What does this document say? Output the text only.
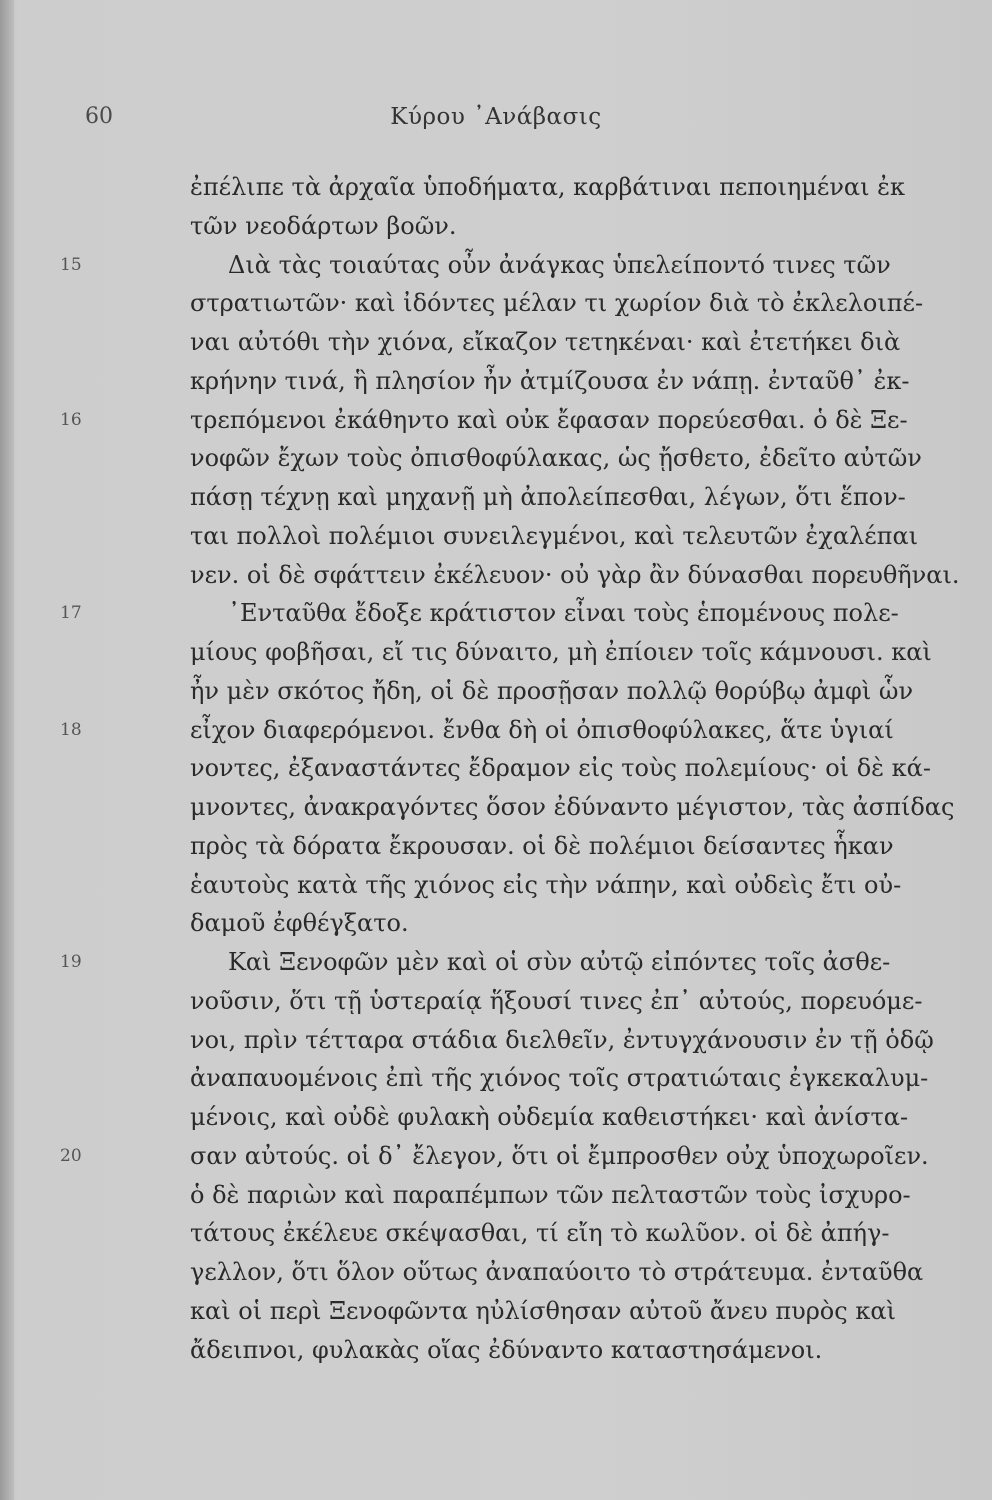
60	Κύρου ᾿Ανάβασις
ἐπέλιπε τὰ ἀρχαῖα ὑποδήματα, καρβάτιναι πεποιημέναι ἐκ
τῶν νεοδάρτων βοῶν.
15	Διὰ τὰς τοιαύτας οὖν ἀνάγκας ὑπελείποντό τινες τῶν
στρατιωτῶν· καὶ ἰδόντες μέλαν τι χωρίον διὰ τὸ ἐκλελοιπέ-
ναι αὐτόθι τὴν χιόνα, εἴκαζον τετηκέναι· καὶ ἐτετήκει διὰ
κρήνην τινά, ἣ πλησίον ἦν ἀτμίζουσα ἐν νάπῃ. ἐνταῦθ᾿ ἐκ-
16	τρεπόμενοι ἐκάθηντο καὶ οὐκ ἔφασαν πορεύεσθαι. ὁ δὲ Ξε-
νοφῶν ἔχων τοὺς ὀπισθοφύλακας, ὡς ᾔσθετο, ἐδεῖτο αὐτῶν
πάσῃ τέχνῃ καὶ μηχανῇ μὴ ἀπολείπεσθαι, λέγων, ὅτι ἕπον-
ται πολλοὶ πολέμιοι συνειλεγμένοι, καὶ τελευτῶν ἐχαλέπαι
νεν. οἱ δὲ σφάττειν ἐκέλευον· οὐ γὰρ ἂν δύνασθαι πορευθῆναι.
17	᾿Ενταῦθα ἔδοξε κράτιστον εἶναι τοὺς ἑπομένους πολε-
μίους φοβῆσαι, εἴ τις δύναιτο, μὴ ἐπίοιεν τοῖς κάμνουσι. καὶ
ἦν μὲν σκότος ἤδη, οἱ δὲ προσῇσαν πολλῷ θορύβῳ ἀμφὶ ὧν
18	εἶχον διαφερόμενοι. ἔνθα δὴ οἱ ὀπισθοφύλακες, ἅτε ὑγιαί
νοντες, ἐξαναστάντες ἔδραμον εἰς τοὺς πολεμίους· οἱ δὲ κά-
μνοντες, ἀνακραγόντες ὅσον ἐδύναντο μέγιστον, τὰς ἀσπίδας
πρὸς τὰ δόρατα ἔκρουσαν. οἱ δὲ πολέμιοι δείσαντες ἧκαν
ἑαυτοὺς κατὰ τῆς χιόνος εἰς τὴν νάπην, καὶ οὐδεὶς ἔτι οὐ-
δαμοῦ ἐφθέγξατο.
19	Καὶ Ξενοφῶν μὲν καὶ οἱ σὺν αὐτῷ εἰπόντες τοῖς ἀσθε-
νοῦσιν, ὅτι τῇ ὑστεραίᾳ ἥξουσί τινες ἐπ᾿ αὐτούς, πορευόμε-
νοι, πρὶν τέτταρα στάδια διελθεῖν, ἐντυγχάνουσιν ἐν τῇ ὁδῷ
ἀναπαυομένοις ἐπὶ τῆς χιόνος τοῖς στρατιώταις ἐγκεκαλυμ-
μένοις, καὶ οὐδὲ φυλακὴ οὐδεμία καθειστήκει· καὶ ἀνίστα-
20	σαν αὐτούς. οἱ δ᾿ ἔλεγον, ὅτι οἱ ἔμπροσθεν οὐχ ὑποχωροῖεν.
ὁ δὲ παριὼν καὶ παραπέμπων τῶν πελταστῶν τοὺς ἰσχυρο-
τάτους ἐκέλευε σκέψασθαι, τί εἴη τὸ κωλῦον. οἱ δὲ ἀπήγ-
γελλον, ὅτι ὅλον οὕτως ἀναπαύοιτο τὸ στράτευμα. ἐνταῦθα
καὶ οἱ περὶ Ξενοφῶντα ηὐλίσθησαν αὐτοῦ ἄνευ πυρὸς καὶ
ἄδειπνοι, φυλακὰς οἵας ἐδύναντο καταστησάμενοι.
